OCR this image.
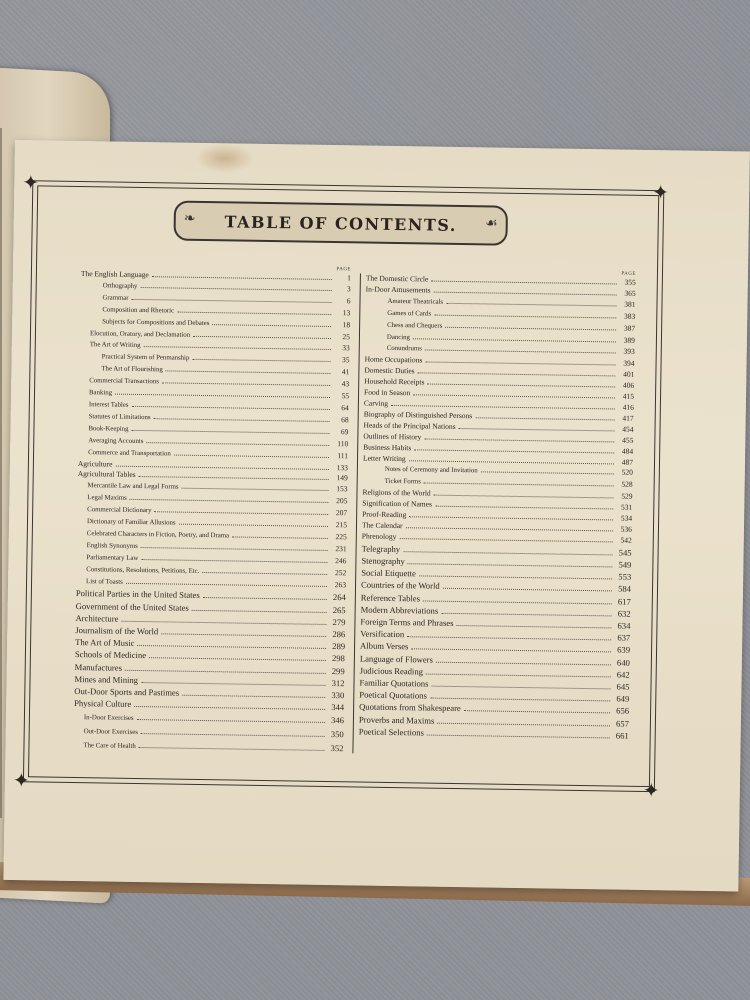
✦	✦
✦	✦
❧ TABLE OF CONTENTS. ☙
PAGE
The English Language	1
Orthography	3
Grammar	6
Composition and Rhetoric	13
Subjects for Compositions and Debates	18
Elocution, Oratory, and Declamation	25
The Art of Writing	33
Practical System of Penmanship	35
The Art of Flourishing	41
Commercial Transactions	43
Banking	55
Interest Tables	64
Statutes of Limitations	68
Book-Keeping	69
Averaging Accounts	110
Commerce and Transportation	111
Agriculture	133
Agricultural Tables	149
Mercantile Law and Legal Forms	153
Legal Maxims	205
Commercial Dictionary	207
Dictionary of Familiar Allusions	215
Celebrated Characters in Fiction, Poetry, and Drama	225
English Synonyms	231
Parliamentary Law	246
Constitutions, Resolutions, Petitions, Etc.	252
List of Toasts	263
Political Parties in the United States	264
Government of the United States	265
Architecture	279
Journalism of the World	286
The Art of Music	289
Schools of Medicine	298
Manufactures	299
Mines and Mining	312
Out-Door Sports and Pastimes	330
Physical Culture	344
In-Door Exercises	346
Out-Door Exercises	350
The Care of Health	352
PAGE
The Domestic Circle	355
In-Door Amusements	365
Amateur Theatricals	381
Games of Cards	383
Chess and Chequers	387
Dancing	389
Conundrums	393
Home Occupations	394
Domestic Duties	401
Household Receipts	406
Food in Season	415
Carving	416
Biography of Distinguished Persons	417
Heads of the Principal Nations	454
Outlines of History	455
Business Habits	484
Letter Writing	487
Notes of Ceremony and Invitation	520
Ticket Forms	528
Religions of the World	529
Signification of Names	531
Proof-Reading	534
The Calendar	536
Phrenology	542
Telegraphy	545
Stenography	549
Social Etiquette	553
Countries of the World	584
Reference Tables	617
Modern Abbreviations	632
Foreign Terms and Phrases	634
Versification	637
Album Verses	639
Language of Flowers	640
Judicious Reading	642
Familiar Quotations	645
Poetical Quotations	649
Quotations from Shakespeare	656
Proverbs and Maxims	657
Poetical Selections	661
